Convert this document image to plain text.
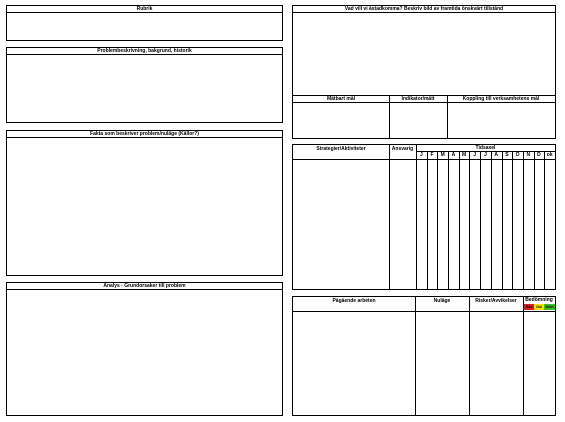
Rubrik
Problembeskrivning, bakgrund, historik
Fakta som beskriver problem/nuläge (Källor?)
Analys - Grundorsaker till problem
Vad vill vi åstadkomma? Beskriv bild av framtida önskvärt tillstånd
Mätbart mål	Indikator/mått	Koppling till verksamhetens mål
Strategier/Aktiviteter	Ansvarig	Tidsaxel
J	F	M	A	M	J	J	A	S	O	N	D	ok
Pågående arbeten	Nuläge	Risker/Avvikelser	Bedömning
Röd	Gul Grön
